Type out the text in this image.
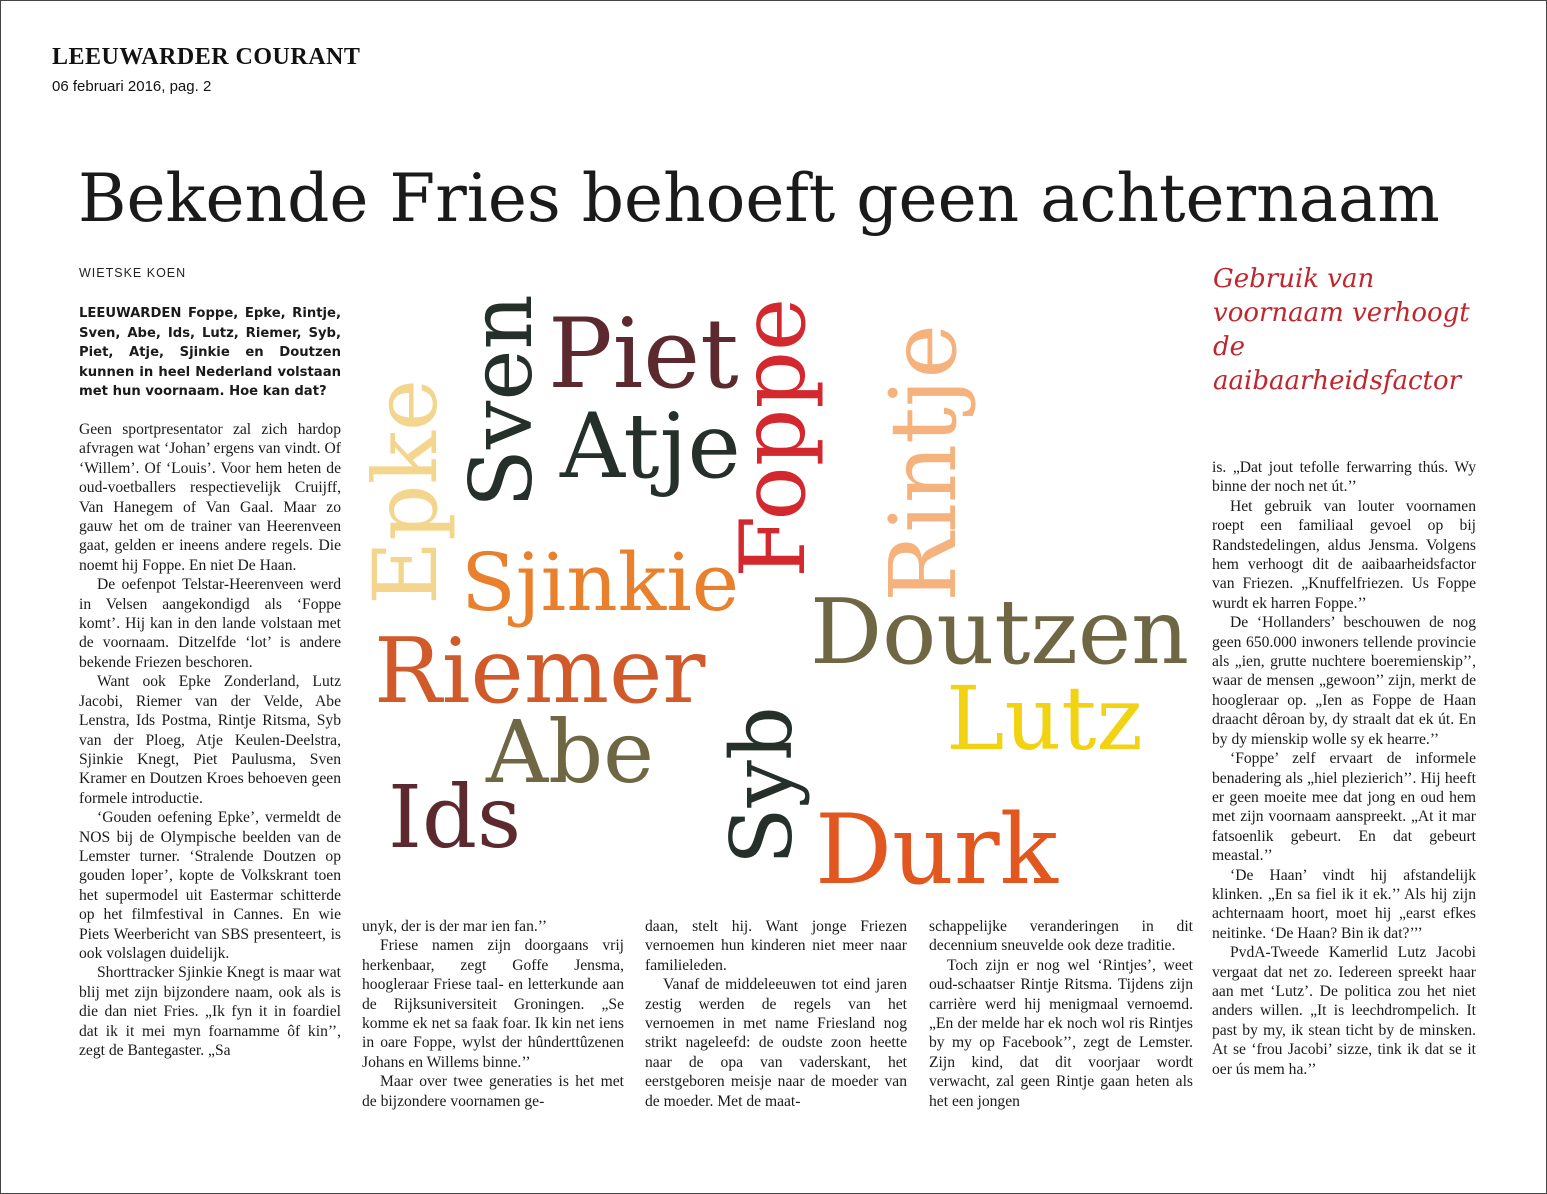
LEEUWARDER COURANT
06 februari 2016, pag. 2
Bekende Fries behoeft geen achternaam
WIETSKE KOEN
LEEUWARDEN Foppe, Epke, Rintje, Sven, Abe, Ids, Lutz, Riemer, Syb, Piet, Atje, Sjinkie en Doutzen kunnen in heel Nederland volstaan met hun voornaam. Hoe kan dat?
Gebruik van voornaam verhoogt de aaibaarheidsfactor
Sven
Piet
Atje
Foppe Rintje
Epke Sjinkie
Riemer Doutzen
Lutz
Abe
Ids Syb Durk

Geen sportpresentator zal zich hardop afvragen wat ‘Johan’ ergens van vindt. Of ‘Willem’. Of ‘Louis’. Voor hem heten de oud-voetballers respectievelijk Cruijff, Van Hanegem of Van Gaal. Maar zo gauw het om de trainer van Heerenveen gaat, gelden er ineens andere regels. Die noemt hij Foppe. En niet De Haan.

De oefenpot Telstar-Heerenveen werd in Velsen aangekondigd als ‘Foppe komt’. Hij kan in den lande volstaan met de voornaam. Ditzelfde ‘lot’ is andere bekende Friezen beschoren.

Want ook Epke Zonderland, Lutz Jacobi, Riemer van der Velde, Abe Lenstra, Ids Postma, Rintje Ritsma, Syb van der Ploeg, Atje Keulen-Deelstra, Sjinkie Knegt, Piet Paulusma, Sven Kramer en Doutzen Kroes behoeven geen formele introductie.

‘Gouden oefening Epke’, vermeldt de NOS bij de Olympische beelden van de Lemster turner. ‘Stralende Doutzen op gouden loper’, kopte de Volkskrant toen het supermodel uit Eastermar schitterde op het filmfestival in Cannes. En wie Piets Weerbericht van SBS presenteert, is ook volslagen duidelijk.

Shorttracker Sjinkie Knegt is maar wat blij met zijn bijzondere naam, ook als is die dan niet Fries. „Ik fyn it in foardiel dat ik it mei myn foarnamme ôf kin’’, zegt de Bantegaster. „Sa

unyk, der is der mar ien fan.’’

Friese namen zijn doorgaans vrij herkenbaar, zegt Goffe Jensma, hoogleraar Friese taal- en letterkunde aan de Rijksuniversiteit Groningen. „Se komme ek net sa faak foar. Ik kin net iens in oare Foppe, wylst der hûnderttûzenen Johans en Willems binne.’’

Maar over twee generaties is het met de bijzondere voornamen ge-

daan, stelt hij. Want jonge Friezen vernoemen hun kinderen niet meer naar familieleden.

Vanaf de middeleeuwen tot eind jaren zestig werden de regels van het vernoemen in met name Friesland nog strikt nageleefd: de oudste zoon heette naar de opa van vaderskant, het eerstgeboren meisje naar de moeder van de moeder. Met de maat-

schappelijke veranderingen in dit decennium sneuvelde ook deze traditie.

Toch zijn er nog wel ‘Rintjes’, weet oud-schaatser Rintje Ritsma. Tijdens zijn carrière werd hij menigmaal vernoemd. „En der melde har ek noch wol ris Rintjes by my op Facebook’’, zegt de Lemster. Zijn kind, dat dit voorjaar wordt verwacht, zal geen Rintje gaan heten als het een jongen

is. „Dat jout tefolle ferwarring thús. Wy binne der noch net út.’’

Het gebruik van louter voornamen roept een familiaal gevoel op bij Randstedelingen, aldus Jensma. Volgens hem verhoogt dit de aaibaarheidsfactor van Friezen. „Knuffelfriezen. Us Foppe wurdt ek harren Foppe.’’

De ‘Hollanders’ beschouwen de nog geen 650.000 inwoners tellende provincie als „ien, grutte nuchtere boeremienskip’’, waar de mensen „gewoon’’ zijn, merkt de hoogleraar op. „Ien as Foppe de Haan draacht dêroan by, dy straalt dat ek út. En by dy mienskip wolle sy ek hearre.’’

‘Foppe’ zelf ervaart de informele benadering als „hiel plezierich’’. Hij heeft er geen moeite mee dat jong en oud hem met zijn voornaam aanspreekt. „At it mar fatsoenlik gebeurt. En dat gebeurt meastal.’’

‘De Haan’ vindt hij afstandelijk klinken. „En sa fiel ik it ek.’’ Als hij zijn achternaam hoort, moet hij „earst efkes neitinke. ‘De Haan? Bin ik dat?’’’

PvdA-Tweede Kamerlid Lutz Jacobi vergaat dat net zo. Iedereen spreekt haar aan met ‘Lutz’. De politica zou het niet anders willen. „It is leechdrompelich. It past by my, ik stean ticht by de minsken. At se ‘frou Jacobi’ sizze, tink ik dat se it oer ús mem ha.’’
